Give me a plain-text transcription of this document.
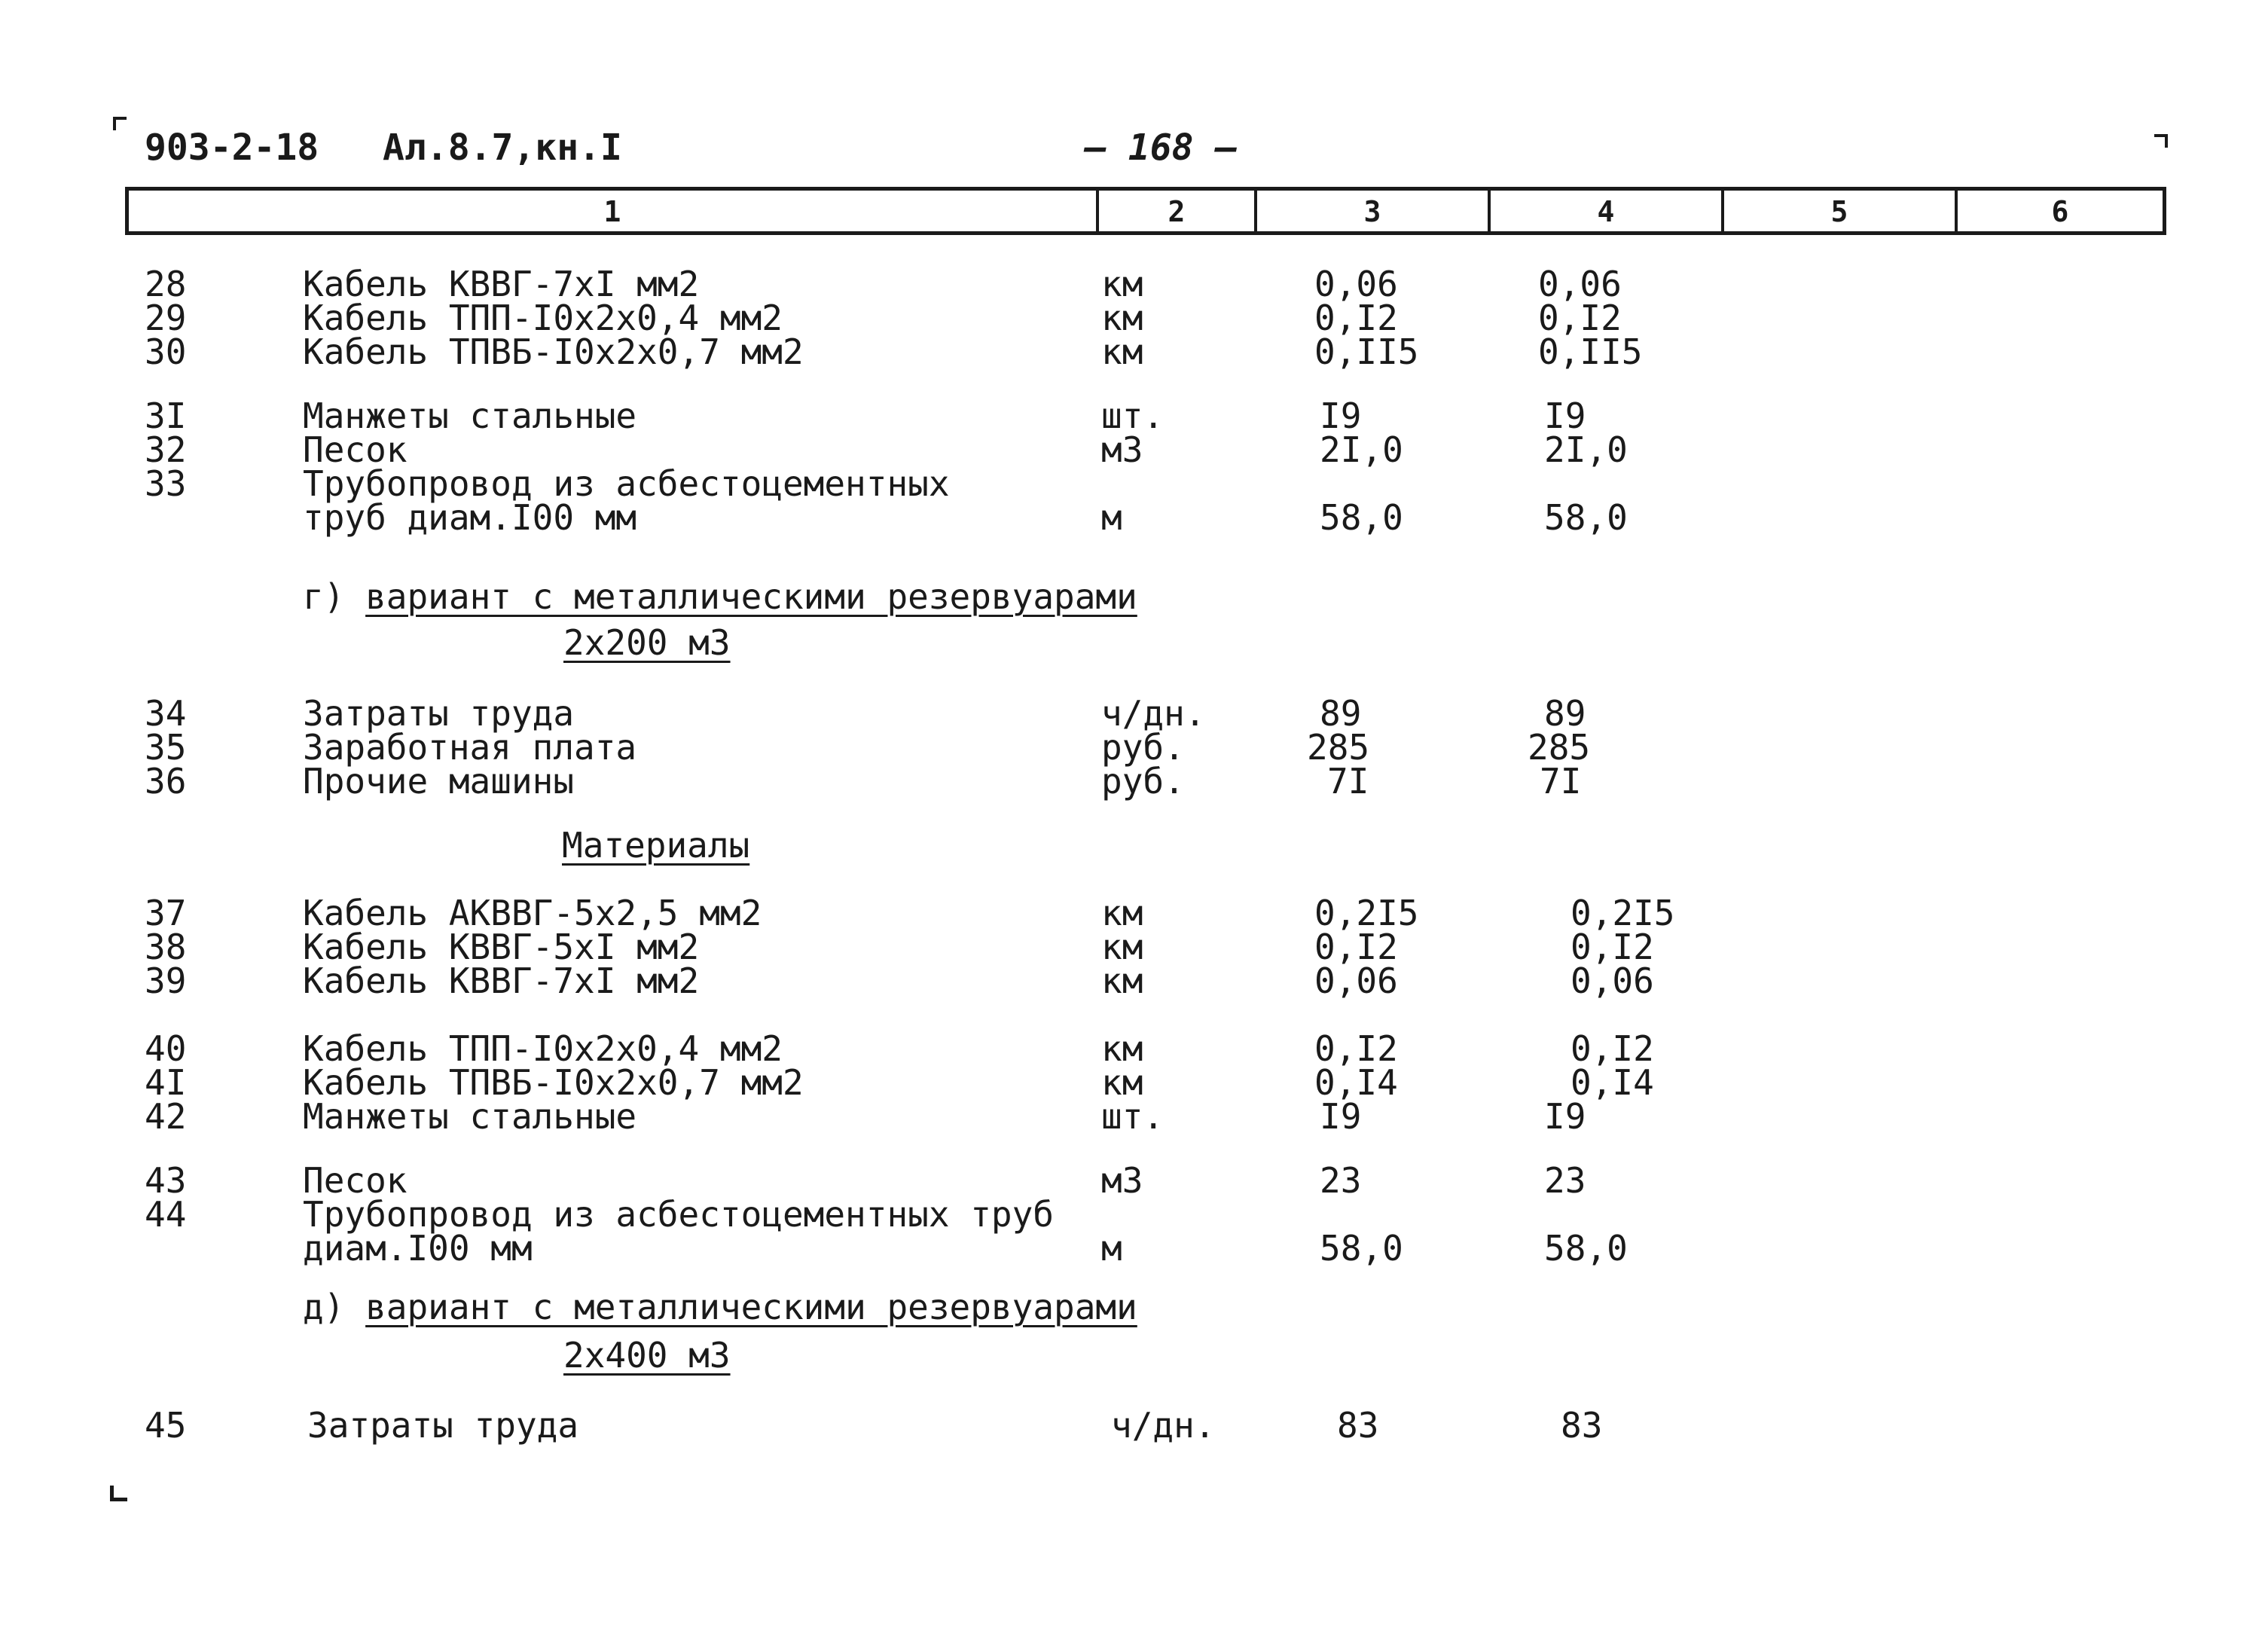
903-2-18 Ал.8.7,кн.I	— 168 —
1	2	3	4	5	6
28	Кабель КВВГ-7хI мм2	км	0,06	0,06
29	Кабель ТПП-I0х2х0,4 мм2	км	0,I2	0,I2
30	Кабель ТПВБ-I0х2х0,7 мм2	км	0,II5	0,II5
3I	Манжеты стальные	шт.	I9	I9
32	Песок	м3	2I,0	2I,0
33	Трубопровод из асбестоцементных
труб диам.I00 мм	м	58,0	58,0
г) вариант с металлическими резервуарами
2х200 м3
34	Затраты труда	ч/дн.	89	89
35	Заработная плата	руб.	285	285
36	Прочие машины	руб.	7I	7I
Материалы
37	Кабель АКВВГ-5х2,5 мм2	км	0,2I5	0,2I5
38	Кабель КВВГ-5хI мм2	км	0,I2	0,I2
39	Кабель КВВГ-7хI мм2	км	0,06	0,06
40	Кабель ТПП-I0х2х0,4 мм2	км	0,I2	0,I2
4I	Кабель ТПВБ-I0х2х0,7 мм2	км	0,I4	0,I4
42	Манжеты стальные	шт.	I9	I9
43	Песок	м3	23	23
44	Трубопровод из асбестоцементных труб
диам.I00 мм	м	58,0	58,0
д) вариант с металлическими резервуарами
2х400 м3
45	Затраты труда	ч/дн.	83	83
